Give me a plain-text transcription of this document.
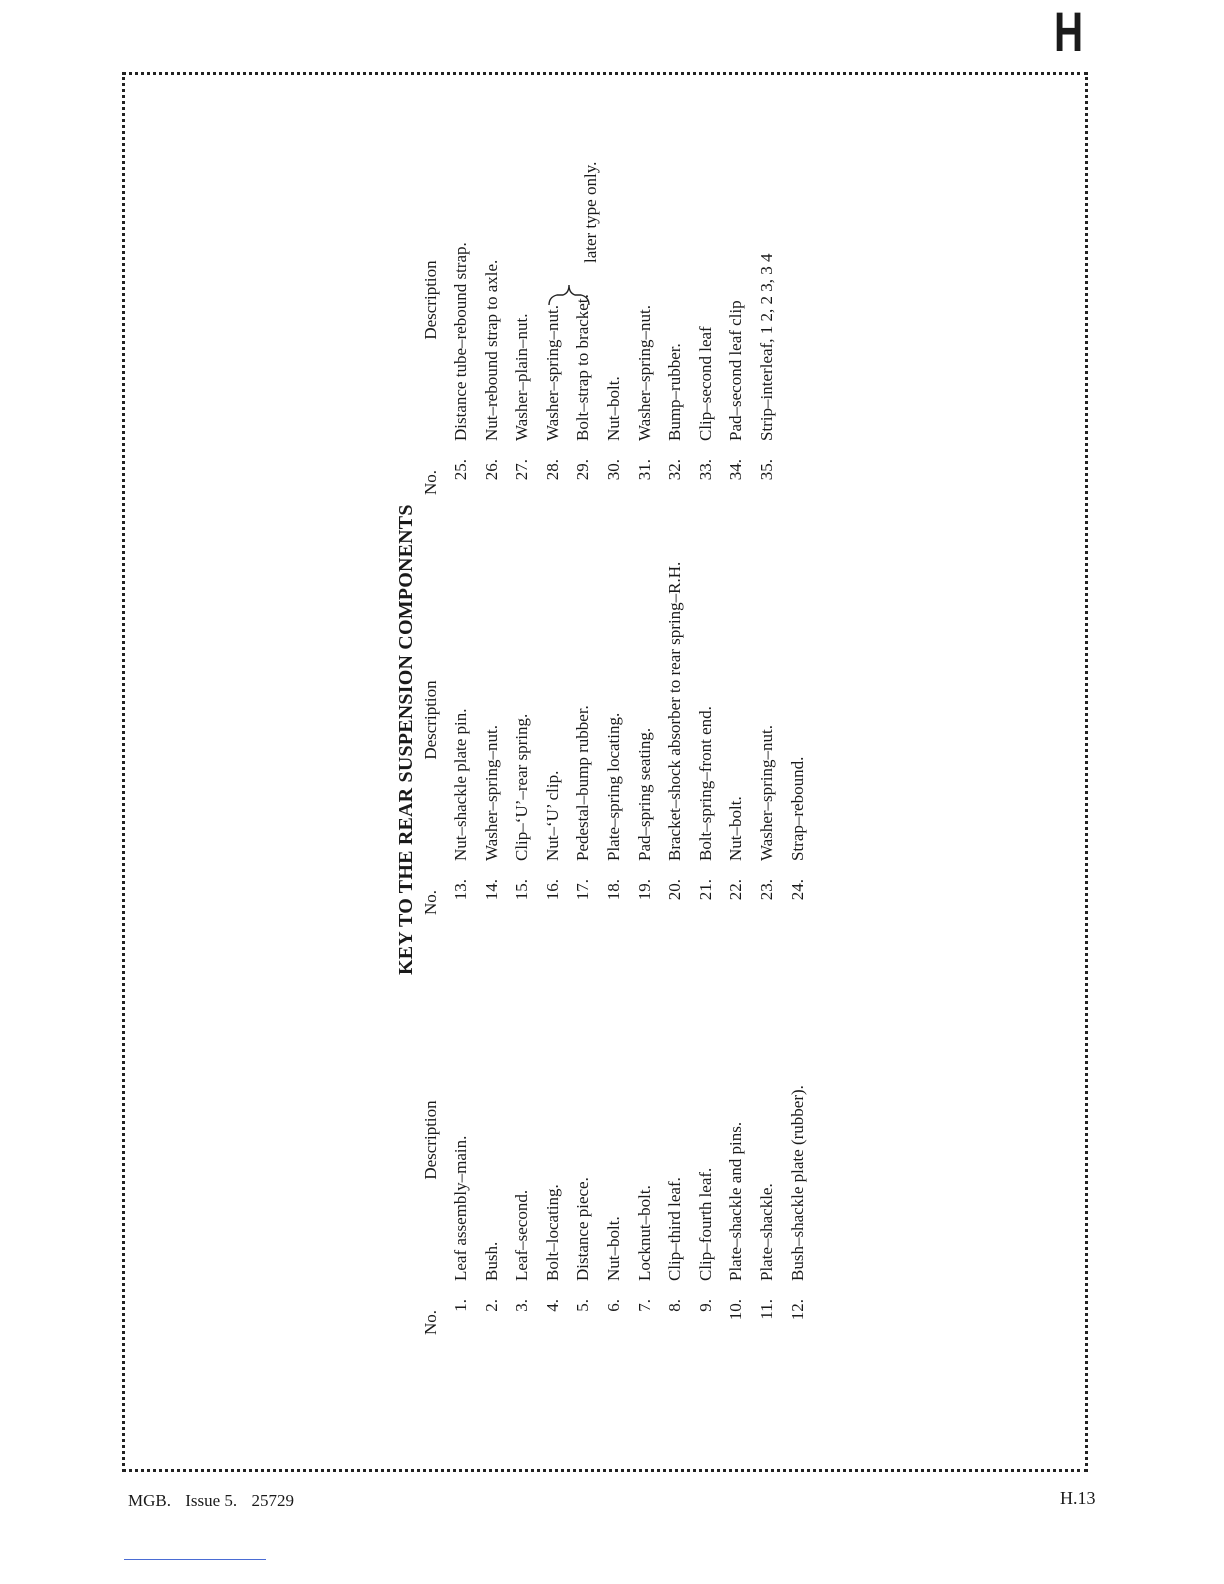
H
KEY TO THE REAR SUSPENSION COMPONENTS
No.
Description
1.
Leaf assembly–main.
2.
Bush.
3.
Leaf–second.
4.
Bolt–locating.
5.
Distance piece.
6.
Nut–bolt.
7.
Locknut–bolt.
8.
Clip–third leaf.
9.
Clip–fourth leaf.
10.
Plate–shackle and pins.
11.
Plate–shackle.
12.
Bush–shackle plate (rubber).
No.
Description
13.
Nut–shackle plate pin.
14.
Washer–spring–nut.
15.
Clip–‘U’–rear spring.
16.
Nut–‘U’ clip.
17.
Pedestal–bump rubber.
18.
Plate–spring locating.
19.
Pad–spring seating.
20.
Bracket–shock absorber to rear spring–R.H.
21.
Bolt–spring–front end.
22.
Nut–bolt.
23.
Washer–spring–nut.
24.
Strap–rebound.
No.
Description
25.
Distance tube–rebound strap.
26.
Nut–rebound strap to axle.
27.
Washer–plain–nut.
28.
Washer–spring–nut.
29.
Bolt–strap to bracket.
30.
Nut–bolt.
31.
Washer–spring–nut.
32.
Bump–rubber.
33.
Clip–second leaf
34.
Pad–second leaf clip
35.
Strip–interleaf, 1 2, 2 3, 3 4
later type only.
MGB. Issue 5. 25729	H.13
